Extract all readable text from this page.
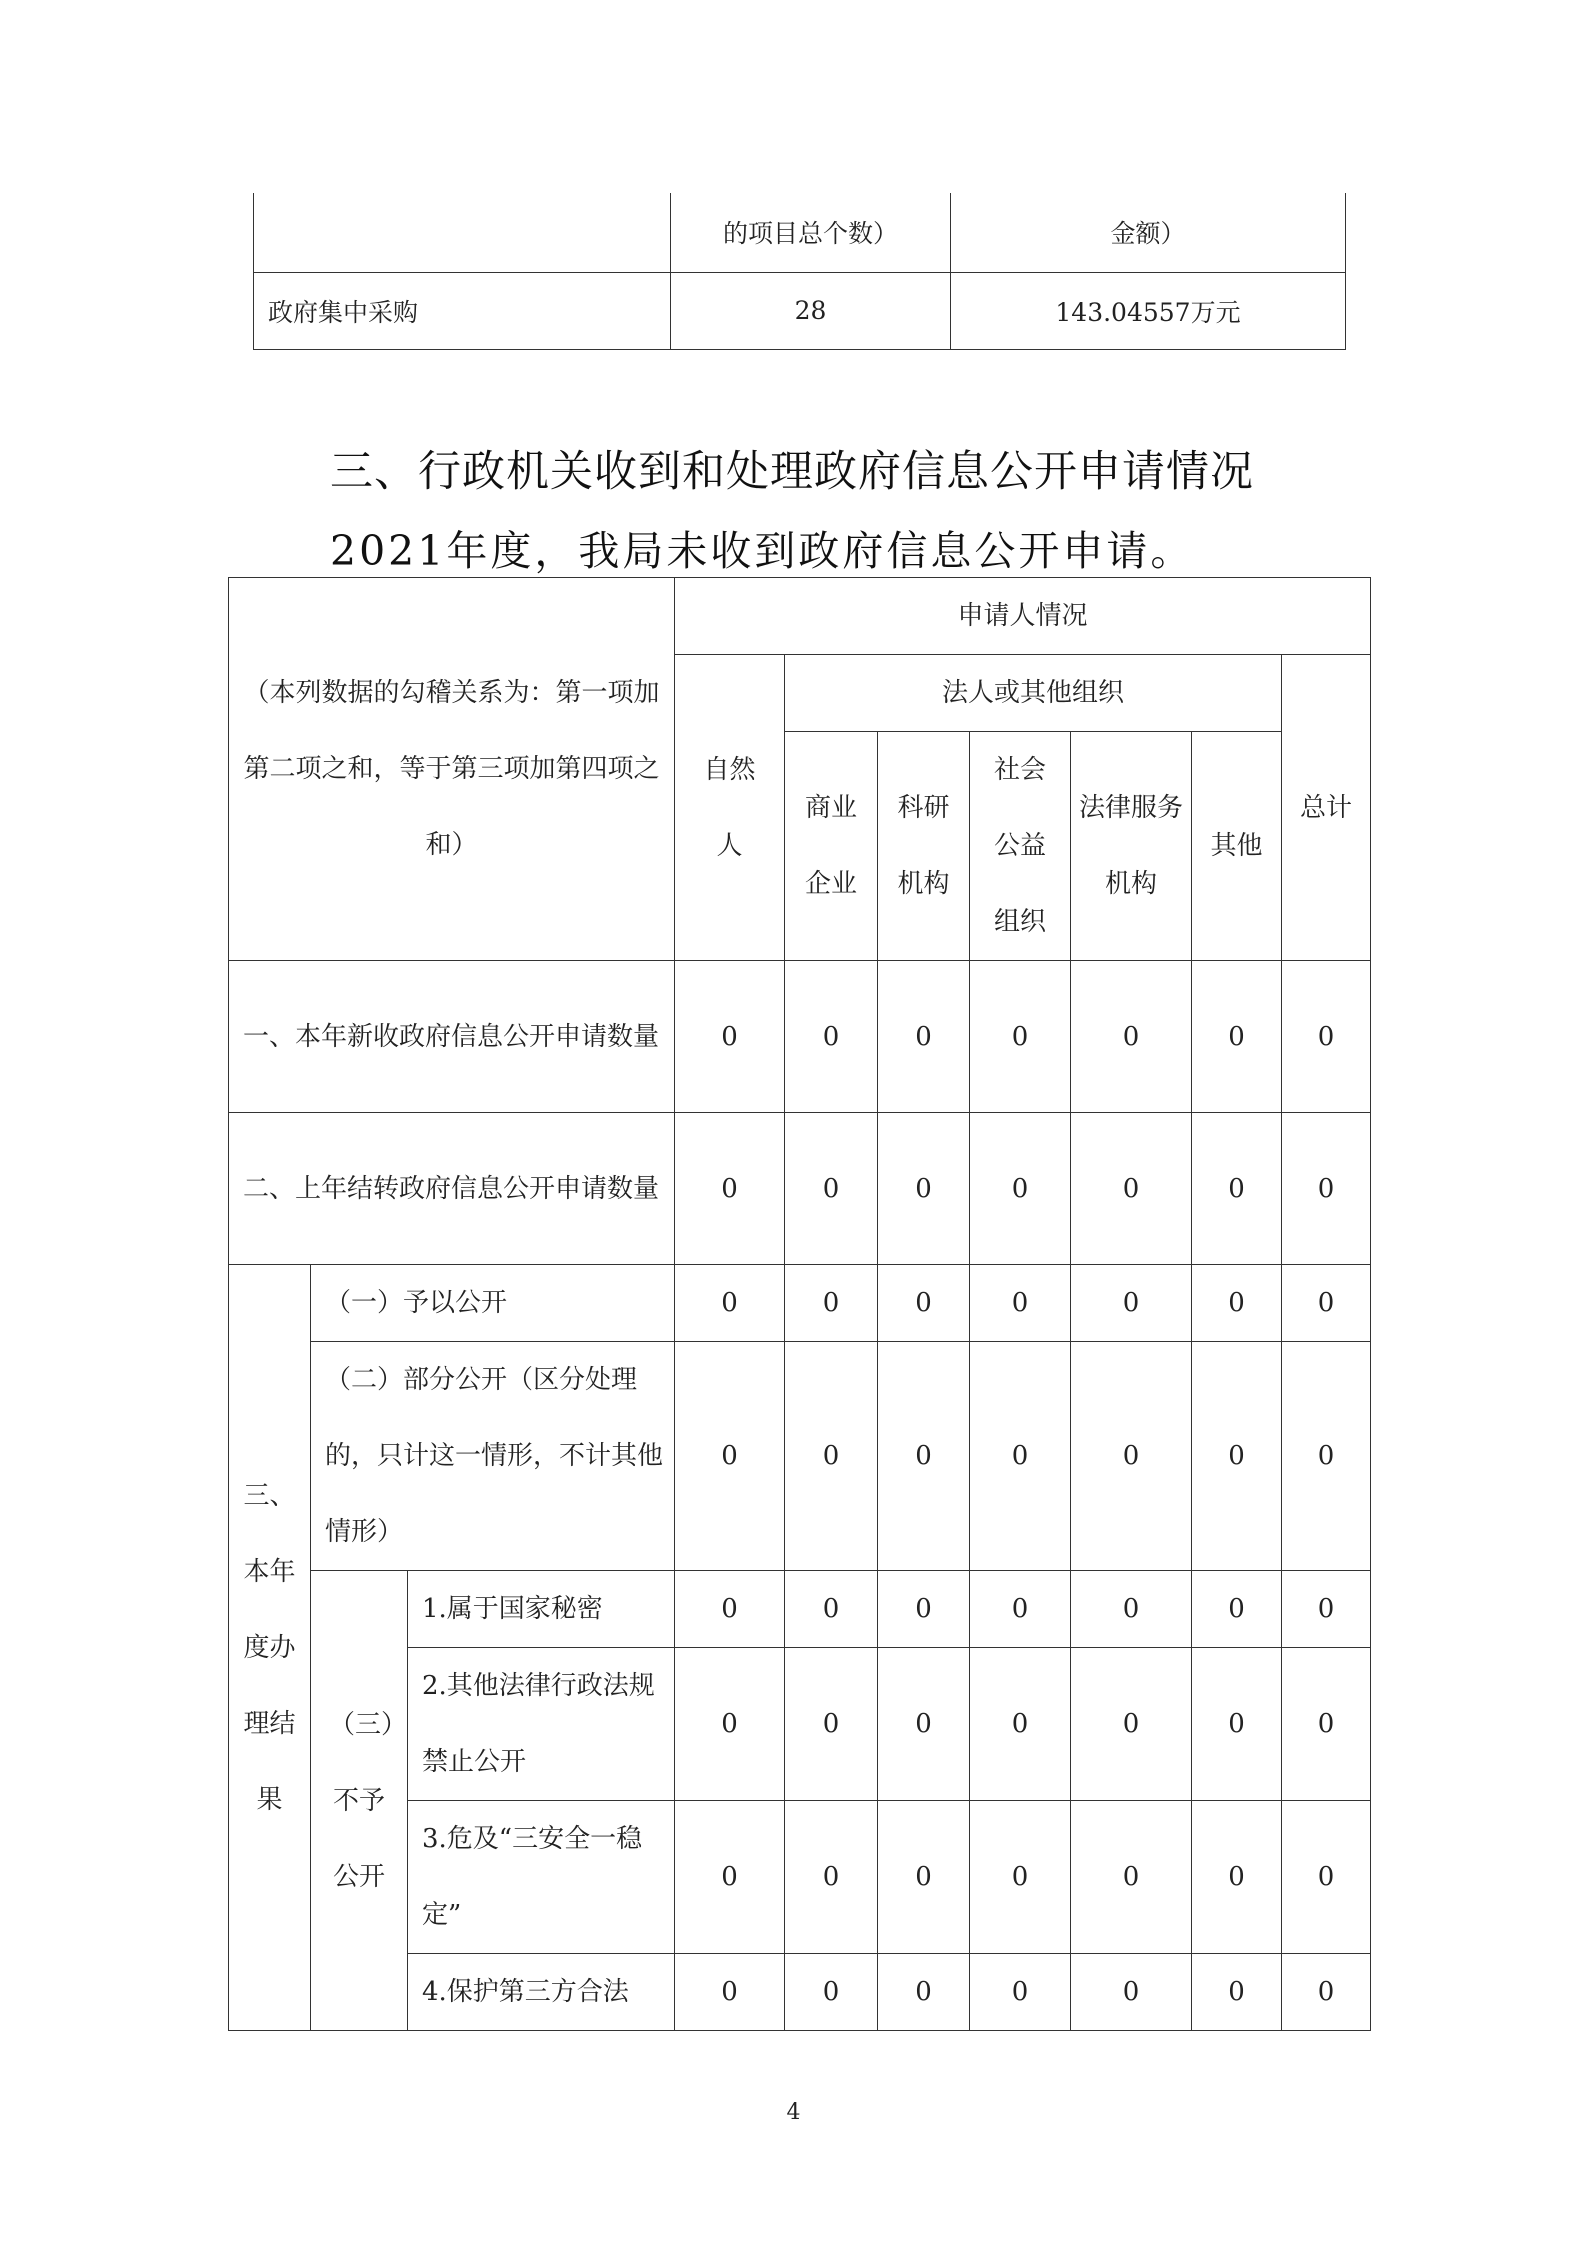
	的项目总个数）	金额）
政府集中采购	28	143.04557万元
三、行政机关收到和处理政府信息公开申请情况
2021年度，我局未收到政府信息公开申请。
（本列数据的勾稽关系为：第一项加第二项之和，等于第三项加第四项之和）			申请人情况						
			自然人	法人或其他组织					总计
				商业企业	科研机构	社会公益组织	法律服务机构	其他	
一、本年新收政府信息公开申请数量			0	0	0	0	0	0	0
二、上年结转政府信息公开申请数量			0	0	0	0	0	0	0
三、本年度办理结果	（一）予以公开		0	0	0	0	0	0	0
	（二）部分公开（区分处理的，只计这一情形，不计其他情形）		0	0	0	0	0	0	0
	（三）不予公开	1.属于国家秘密	0	0	0	0	0	0	0
		2.其他法律行政法规禁止公开	0	0	0	0	0	0	0
		3.危及“三安全一稳定”	0	0	0	0	0	0	0
		4.保护第三方合法	0	0	0	0	0	0	0
4
